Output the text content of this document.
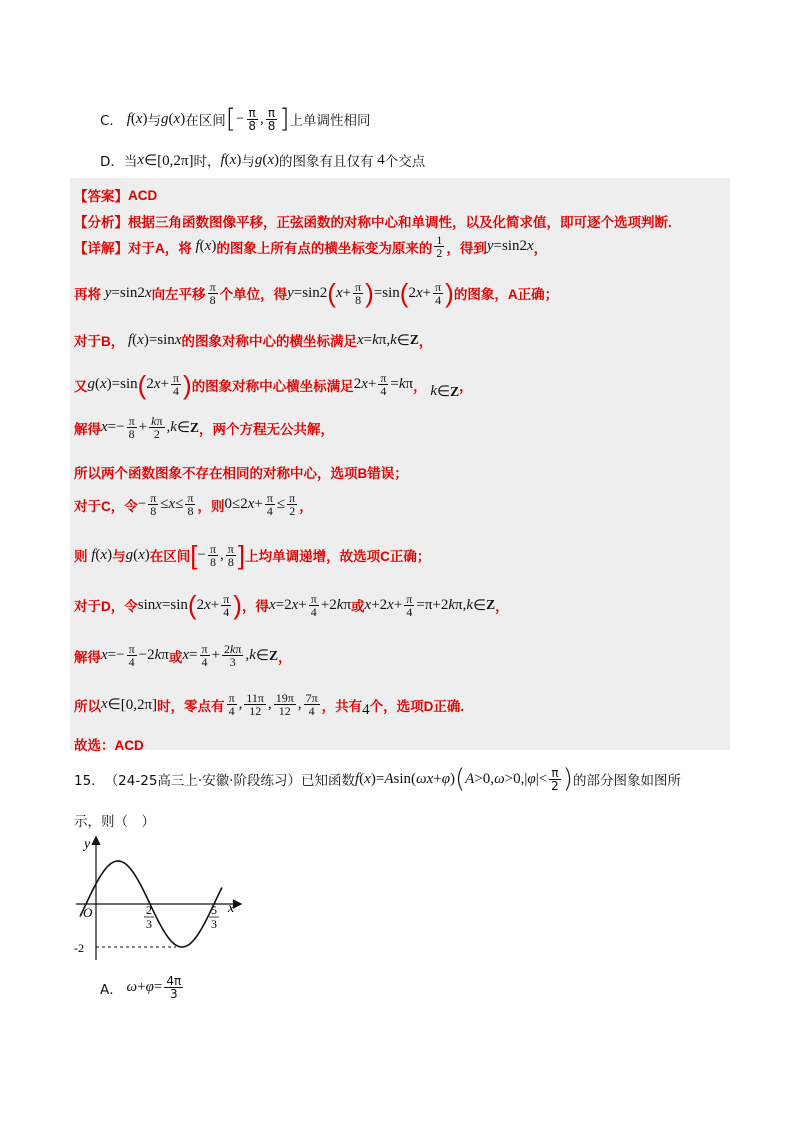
C． f ( x ) 与 g ( x ) 在区间 [ − $\frac{\pi}{8}$ , $\frac{\pi}{8}$ ] 上单调性相同
D．当 x ∈[0,2π] 时， f ( x ) 与 g ( x ) 的图象有且仅有
4 个交点
【答案】 ACD
【分析】 根据三角函数图像平移，正弦函数的对称中心和单调性，以及化简求值，即可逐个选项判断.
【详解】 对于A，将 f ( x ) 的图象上所有点的横坐标变为原来的 $\frac{1}{2}$ ，得到 y =sin2 x ，
再将 y =sin2 x 向左平移 $\frac{\pi}{8}$ 个单位，得 y =sin2 ( $x + \frac{\pi}{8}$ ) =sin ( 2 $x + \frac{\pi}{4}$ ) 的图象，A正确；
对于B， f ( x )=sin x 的图象对称中心的横坐标满足 x = k π, k ∈ Z ，
又 g ( x )=sin ( 2 $x + \frac{\pi}{4}$ ) 的图象对称中心横坐标满足 2 $x + \frac{\pi}{4} = k$ π ， k ∈ Z ，
解得 $x =- \frac{\pi}{8} + \frac{k\pi}{2}$ , k ∈ Z ，两个方程无公共解，
所以两个函数图象不存在相同的对称中心，选项B错误；
对于C，令 − $\frac{\pi}{8} \le x \le \frac{\pi}{8}$ ，则 0≤2 $x + \frac{\pi}{4} \le \frac{\pi}{2}$ ，
则 f ( x ) 与 g ( x ) 在区间 [ − $\frac{\pi}{8}$ , $\frac{\pi}{8}$ ] 上均单调递增，故选项C正确；
对于D，令 sin x =sin ( 2 $x + \frac{\pi}{4}$ ) ，得 x =2 $x + \frac{\pi}{4} +2$ k π 或 x +2 $x + \frac{\pi}{4} =\pi+2$ k π, k ∈ Z ，
解得 $x =- \frac{\pi}{4} -2$ k π 或 $x = \frac{\pi}{4} + \frac{2k\pi}{3}$ , k ∈ Z ，
所以 x ∈[0,2π] 时，零点有 $\frac{\pi}{4}$ , $\frac{11\pi}{12}$ , $\frac{19\pi}{12}$ , $\frac{7\pi}{4}$ ，共有 4 个，选项D正确.
故选：ACD
15． （24-25高三上·安徽·阶段练习）已知函数 f ( x )= A sin( ωx + φ ) ( A >0, ω >0,| φ |< $\frac{\pi}{2}$ ) 的部分图象如图所
示，则（　）
y
x
O	2
3
5
3
-2
A． $\omega + \varphi = \frac{4\pi}{3}$
